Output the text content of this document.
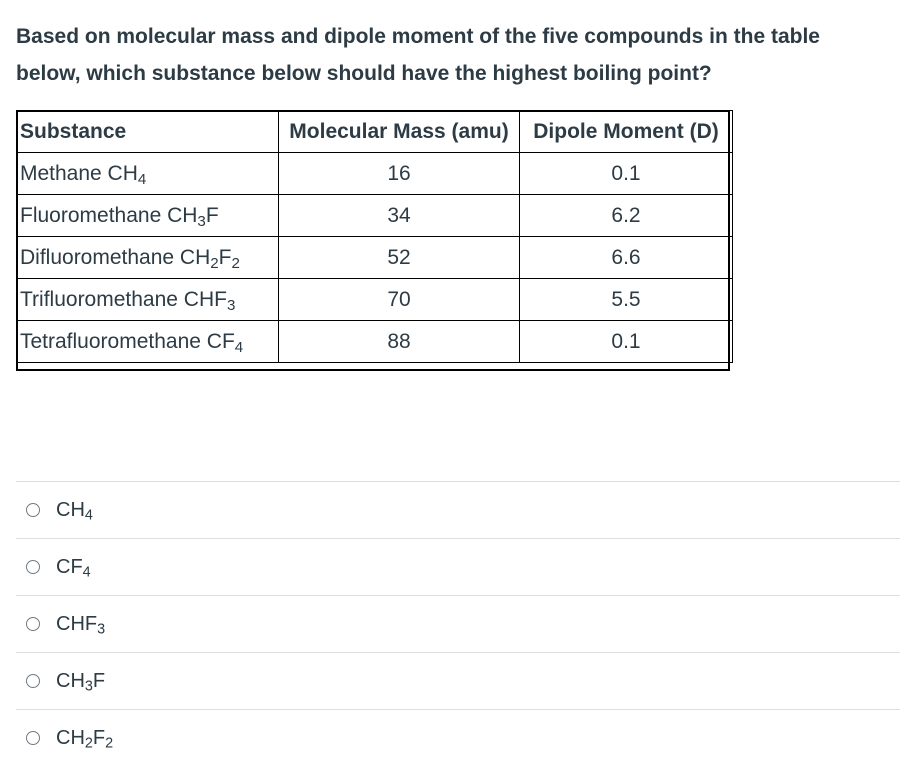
Based on molecular mass and dipole moment of the five compounds in the table
below, which substance below should have the highest boiling point?
Substance	Molecular Mass (amu)	Dipole Moment (D)
Methane $CH_4$	16	0.1
Fluoromethane $CH_3F$	34	6.2
Difluoromethane $CH_2F_2$	52	6.6
Trifluoromethane $CHF_3$	70	5.5
Tetrafluoromethane $CF_4$	88	0.1
$CH_4$
$CF_4$
$CHF_3$
$CH_3F$
$CH_2F_2$
